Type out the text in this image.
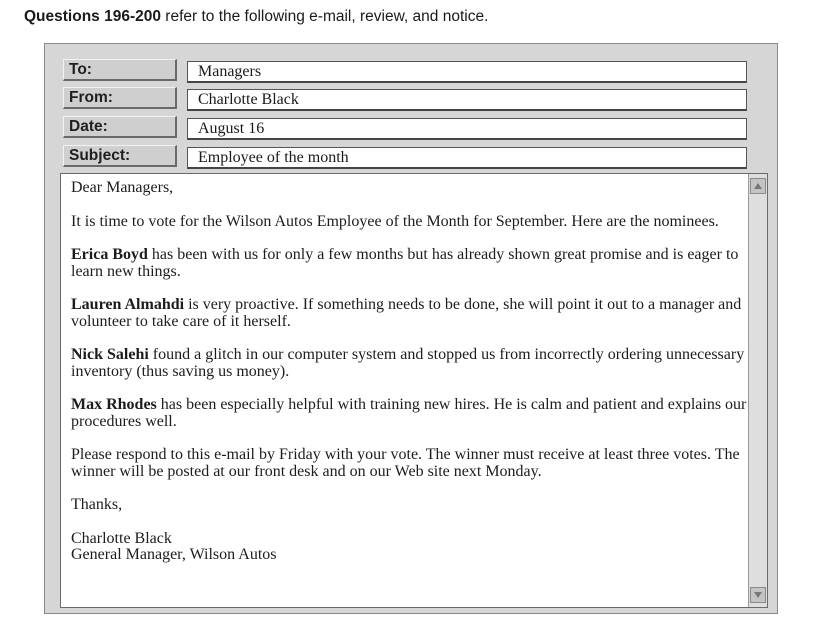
Questions 196-200 refer to the following e-mail, review, and notice.
To:	Managers
From:	Charlotte Black
Date:	August 16
Subject:	Employee of the month

Dear Managers,

It is time to vote for the Wilson Autos Employee of the Month for September. Here are the nominees.

Erica Boyd has been with us for only a few months but has already shown great promise and is eager to learn new things.

Lauren Almahdi is very proactive. If something needs to be done, she will point it out to a manager and volunteer to take care of it herself.

Nick Salehi found a glitch in our computer system and stopped us from incorrectly ordering unnecessary inventory (thus saving us money).

Max Rhodes has been especially helpful with training new hires. He is calm and patient and explains our procedures well.

Please respond to this e-mail by Friday with your vote. The winner must receive at least three votes. The winner will be posted at our front desk and on our Web site next Monday.

Thanks,

Charlotte Black

General Manager, Wilson Autos
